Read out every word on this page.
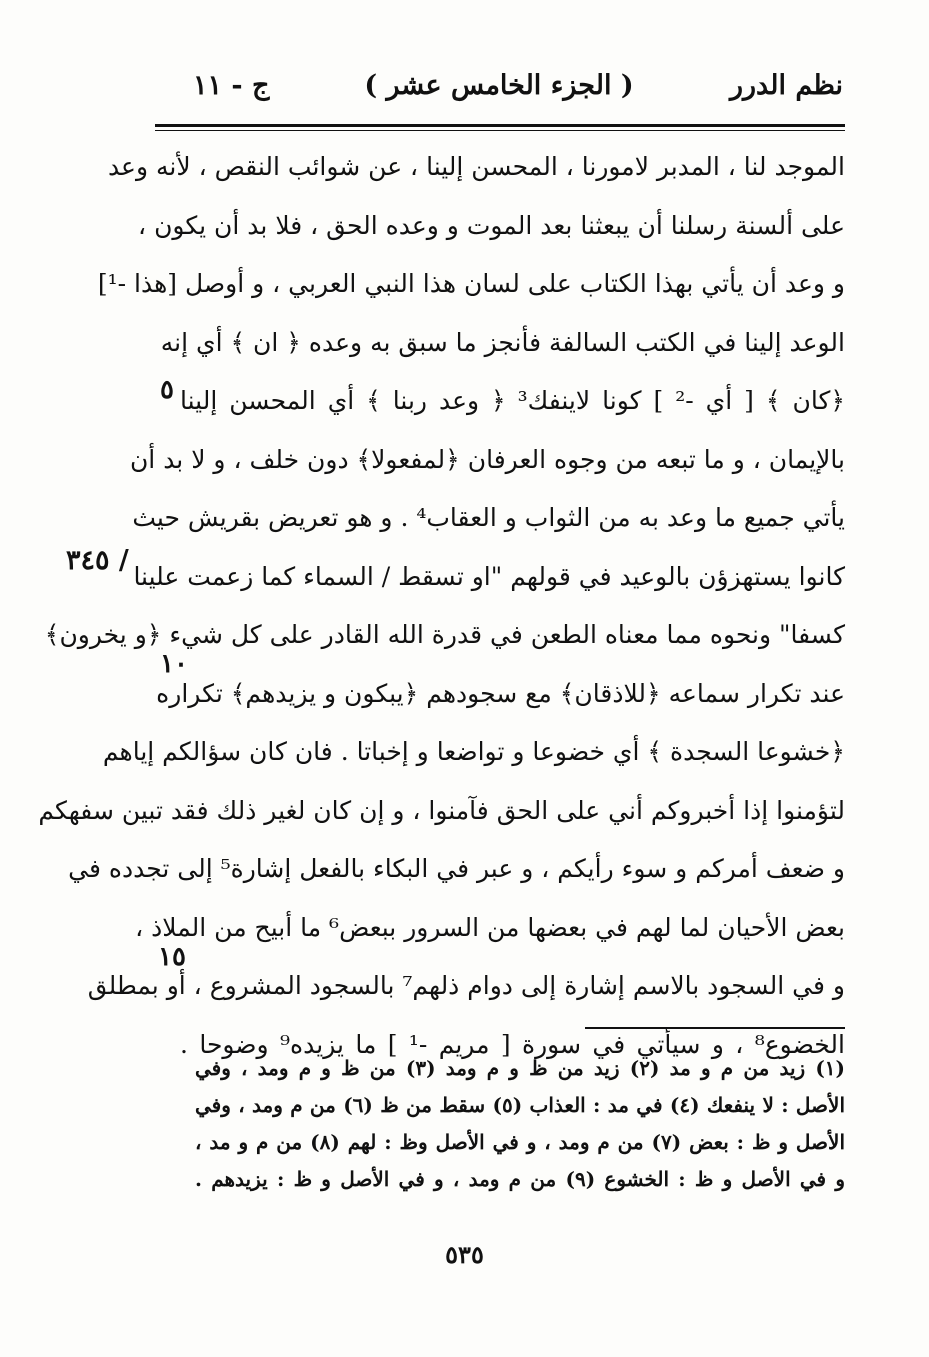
نظم الدرر
( الجزء الخامس عشر )
ج - ١١
الموجد لنا ، المدبر لامورنا ، المحسن إلينا ، عن شوائب النقص ، لأنه وعد
على ألسنة رسلنا أن يبعثنا بعد الموت و وعده الحق ، فلا بد أن يكون ،
و وعد أن يأتي بهذا الكتاب على لسان هذا النبي العربي ، و أوصل [هذا -¹]
الوعد إلينا في الكتب السالفة فأنجز ما سبق به وعده ﴿ ان ﴾ أي إنه
﴿كان ﴾ [ أي -² ] كونا لاينفك³ ﴿ وعد ربنا ﴾ أي المحسن إلينا
بالإيمان ، و ما تبعه من وجوه العرفان ﴿لمفعولا﴾ دون خلف ، و لا بد أن
يأتي جميع ما وعد به من الثواب و العقاب⁴ . و هو تعريض بقريش حيث
كانوا يستهزؤن بالوعيد في قولهم "او تسقط / السماء كما زعمت علينا
كسفا" ونحوه مما معناه الطعن في قدرة الله القادر على كل شيء ﴿و يخرون﴾
عند تكرار سماعه ﴿للاذقان﴾ مع سجودهم ﴿يبكون و يزيدهم﴾ تكراره
﴿خشوعا السجدة ﴾ أي خضوعا و تواضعا و إخباتا . فان كان سؤالكم إياهم
لتؤمنوا إذا أخبروكم أني على الحق فآمنوا ، و إن كان لغير ذلك فقد تبين سفهكم
و ضعف أمركم و سوء رأيكم ، و عبر في البكاء بالفعل إشارة⁵ إلى تجدده في
بعض الأحيان لما لهم في بعضها من السرور ببعض⁶ ما أبيح من الملاذ ،
و في السجود بالاسم إشارة إلى دوام ذلهم⁷ بالسجود المشروع ، أو بمطلق
الخضوع⁸ ، و سيأتي في سورة [ مريم -¹ ] ما يزيده⁹ وضوحا .
٥
١٠
١٥
/ ٣٤٥
(١) زيد من م و مد (٢) زيد من ظ و م ومد (٣) من ظ و م ومد ، وفي
الأصل : لا ينفعك (٤) في مد : العذاب (٥) سقط من ظ (٦) من م ومد ، وفي
الأصل و ظ : بعض (٧) من م ومد ، و في الأصل وظ : لهم (٨) من م و مد ،
و في الأصل و ظ : الخشوع (٩) من م ومد ، و في الأصل و ظ : يزيدهم .
٥٣٥
